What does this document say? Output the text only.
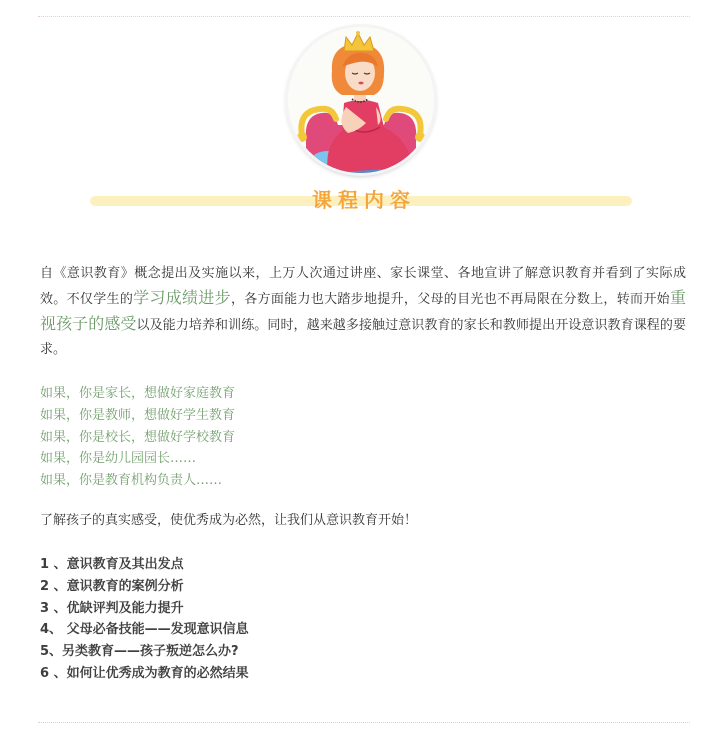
课程内容

自《意识教育》概念提出及实施以来，上万人次通过讲座、家长课堂、各地宣讲了解意识教育并看到了实际成效。不仅学生的学习成绩进步，各方面能力也大踏步地提升，父母的目光也不再局限在分数上，转而开始重视孩子的感受以及能力培养和训练。同时，越来越多接触过意识教育的家长和教师提出开设意识教育课程的要求。

如果，你是家长，想做好家庭教育
如果，你是教师，想做好学生教育
如果，你是校长，想做好学校教育
如果，你是幼儿园园长……
如果，你是教育机构负责人……
了解孩子的真实感受，使优秀成为必然，让我们从意识教育开始！
1 、意识教育及其出发点
2 、意识教育的案例分析
3 、优缺评判及能力提升
4、 父母必备技能——发现意识信息
5、另类教育——孩子叛逆怎么办?
6 、如何让优秀成为教育的必然结果
